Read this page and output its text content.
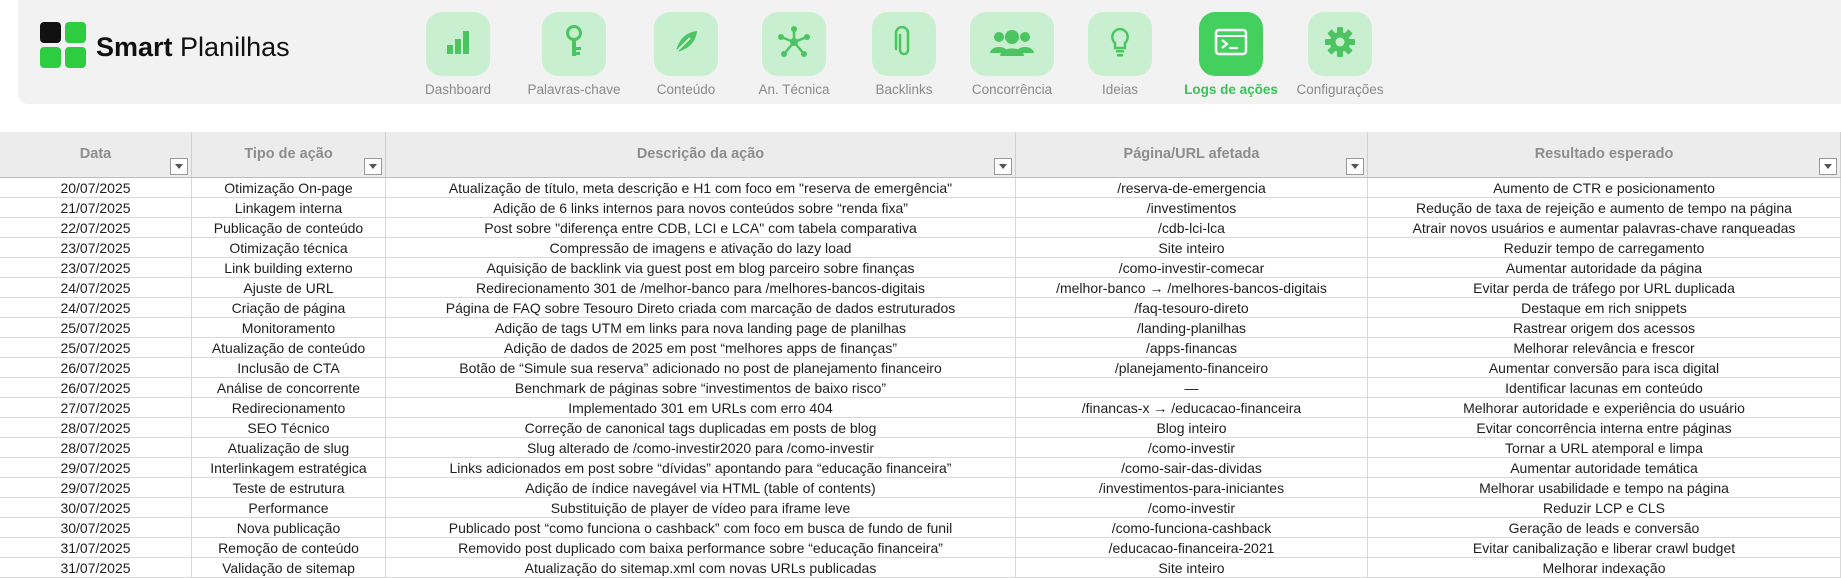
Smart Planilhas
Dashboard	Palavras-chave	Conteúdo	An. Técnica	Backlinks	Concorrência	Ideias	Logs de ações	Configurações
Data	Tipo de ação	Descrição da ação	Página/URL afetada	Resultado esperado
20/07/2025	Otimização On-page	Atualização de título, meta descrição e H1 com foco em "reserva de emergência"	/reserva-de-emergencia	Aumento de CTR e posicionamento
21/07/2025	Linkagem interna	Adição de 6 links internos para novos conteúdos sobre “renda fixa”	/investimentos	Redução de taxa de rejeição e aumento de tempo na página
22/07/2025	Publicação de conteúdo	Post sobre "diferença entre CDB, LCI e LCA" com tabela comparativa	/cdb-lci-lca	Atrair novos usuários e aumentar palavras-chave ranqueadas
23/07/2025	Otimização técnica	Compressão de imagens e ativação do lazy load	Site inteiro	Reduzir tempo de carregamento
23/07/2025	Link building externo	Aquisição de backlink via guest post em blog parceiro sobre finanças	/como-investir-comecar	Aumentar autoridade da página
24/07/2025	Ajuste de URL	Redirecionamento 301 de /melhor-banco para /melhores-bancos-digitais	/melhor-banco → /melhores-bancos-digitais	Evitar perda de tráfego por URL duplicada
24/07/2025	Criação de página	Página de FAQ sobre Tesouro Direto criada com marcação de dados estruturados	/faq-tesouro-direto	Destaque em rich snippets
25/07/2025	Monitoramento	Adição de tags UTM em links para nova landing page de planilhas	/landing-planilhas	Rastrear origem dos acessos
25/07/2025	Atualização de conteúdo	Adição de dados de 2025 em post “melhores apps de finanças”	/apps-financas	Melhorar relevância e frescor
26/07/2025	Inclusão de CTA	Botão de “Simule sua reserva” adicionado no post de planejamento financeiro	/planejamento-financeiro	Aumentar conversão para isca digital
26/07/2025	Análise de concorrente	Benchmark de páginas sobre “investimentos de baixo risco”	—	Identificar lacunas em conteúdo
27/07/2025	Redirecionamento	Implementado 301 em URLs com erro 404	/financas-x → /educacao-financeira	Melhorar autoridade e experiência do usuário
28/07/2025	SEO Técnico	Correção de canonical tags duplicadas em posts de blog	Blog inteiro	Evitar concorrência interna entre páginas
28/07/2025	Atualização de slug	Slug alterado de /como-investir2020 para /como-investir	/como-investir	Tornar a URL atemporal e limpa
29/07/2025	Interlinkagem estratégica	Links adicionados em post sobre “dívidas” apontando para “educação financeira”	/como-sair-das-dividas	Aumentar autoridade temática
29/07/2025	Teste de estrutura	Adição de índice navegável via HTML (table of contents)	/investimentos-para-iniciantes	Melhorar usabilidade e tempo na página
30/07/2025	Performance	Substituição de player de vídeo para iframe leve	/como-investir	Reduzir LCP e CLS
30/07/2025	Nova publicação	Publicado post “como funciona o cashback” com foco em busca de fundo de funil	/como-funciona-cashback	Geração de leads e conversão
31/07/2025	Remoção de conteúdo	Removido post duplicado com baixa performance sobre “educação financeira”	/educacao-financeira-2021	Evitar canibalização e liberar crawl budget
31/07/2025	Validação de sitemap	Atualização do sitemap.xml com novas URLs publicadas	Site inteiro	Melhorar indexação
